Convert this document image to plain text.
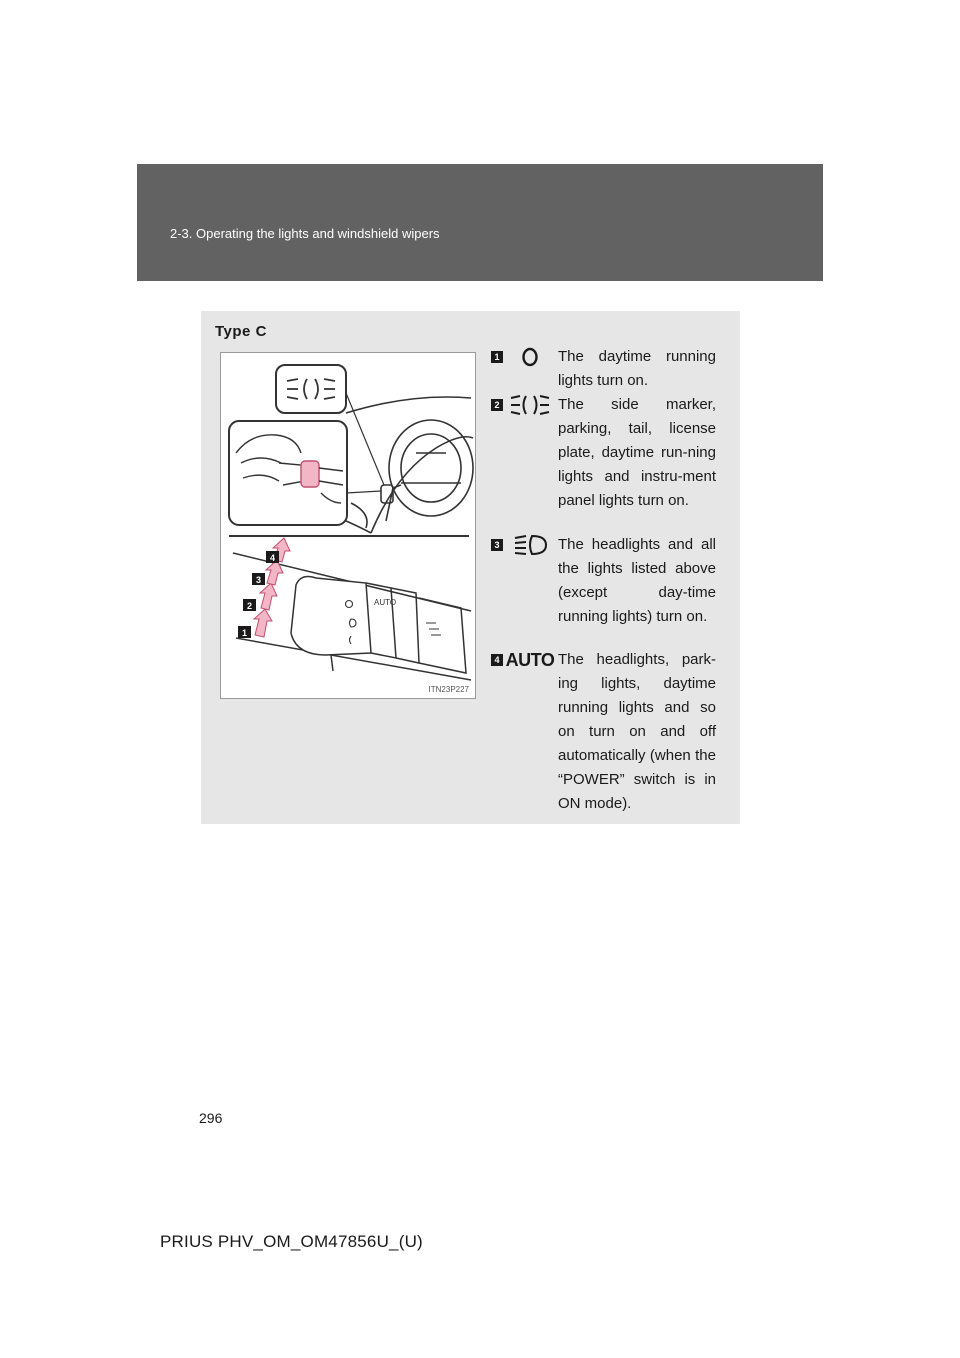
2-3. Operating the lights and windshield wipers
Type C
AUTO
1
2
3
4
ITN23P227
1	The daytime running lights turn on.
2	The side marker, parking, tail, license plate, daytime run-ning lights and instru-ment panel lights turn on.
3	The headlights and all the lights listed above (except day-time running lights) turn on.
4 AUTO The headlights, park-ing lights, daytime running lights and so on turn on and off automatically (when the “POWER” switch is in ON mode).
296
PRIUS PHV_OM_OM47856U_(U)
